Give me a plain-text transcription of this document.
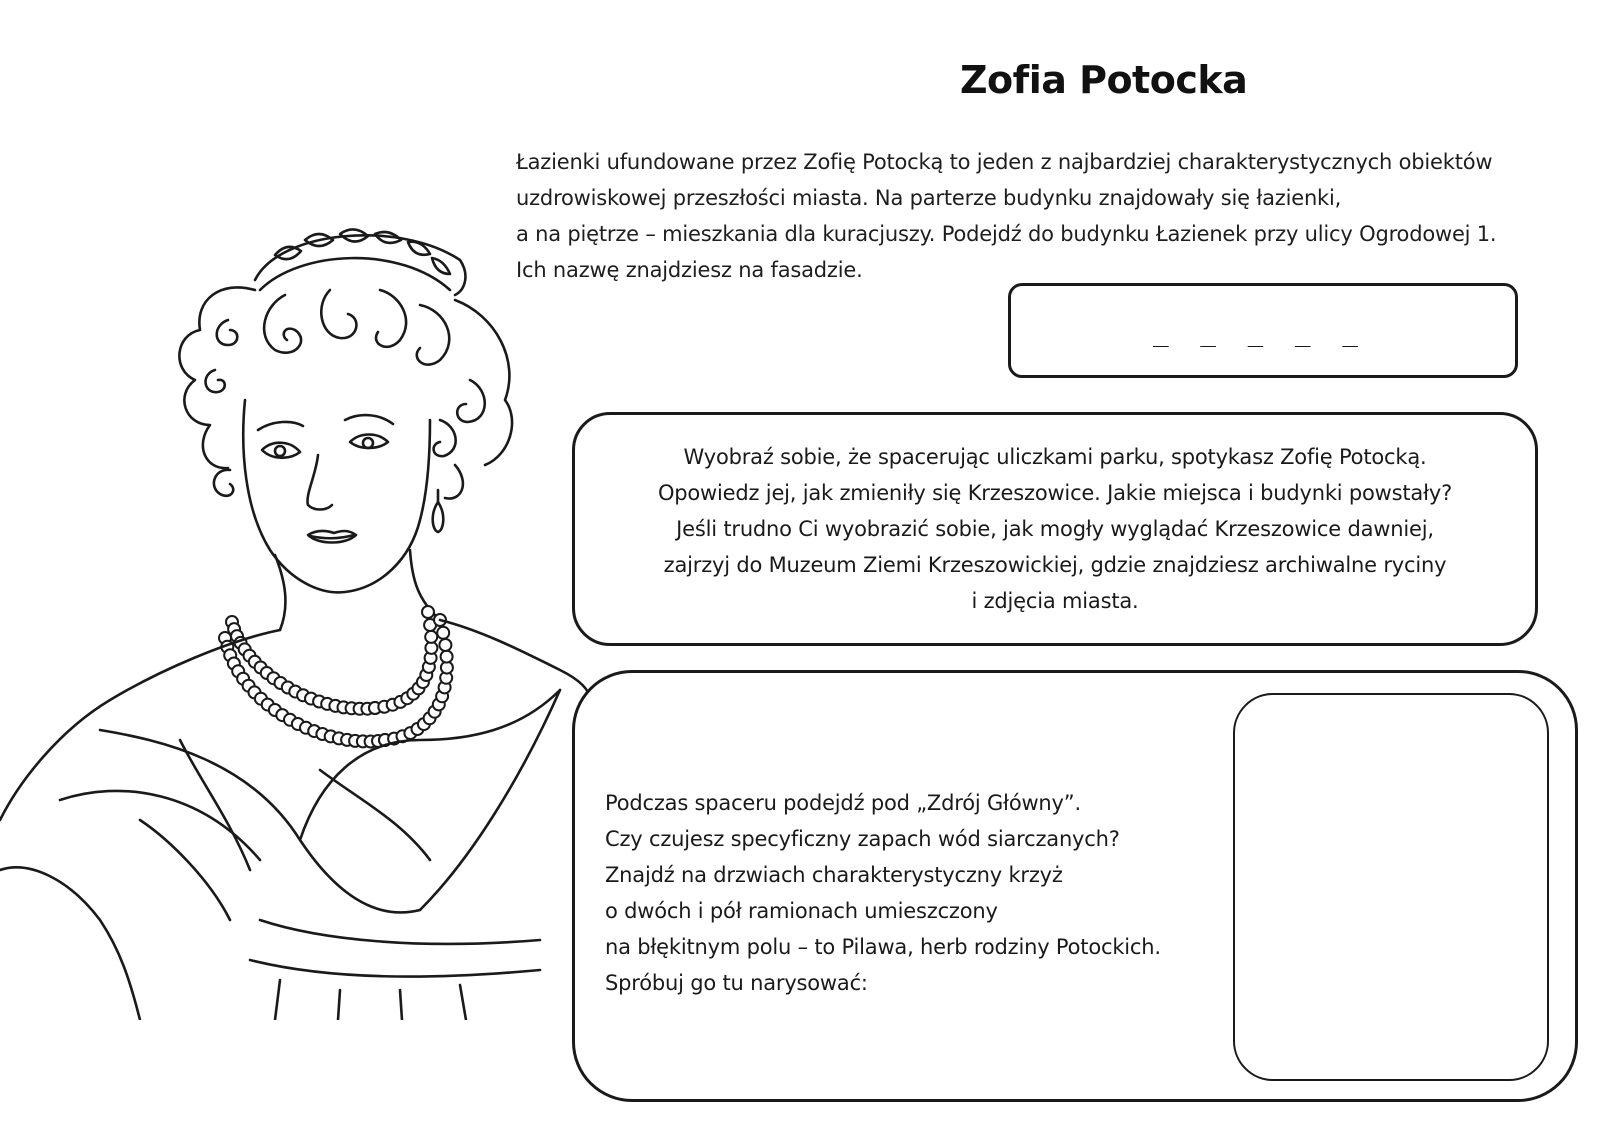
Zofia Potocka

Łazienki ufundowane przez Zofię Potocką to jeden z najbardziej charakterystycznych obiektów

uzdrowiskowej przeszłości miasta. Na parterze budynku znajdowały się łazienki,

a na piętrze – mieszkania dla kuracjuszy. Podejdź do budynku Łazienek przy ulicy Ogrodowej 1.

Ich nazwę znajdziesz na fasadzie.

_ _ _ _ _

Wyobraź sobie, że spacerując uliczkami parku, spotykasz Zofię Potocką.

Opowiedz jej, jak zmieniły się Krzeszowice. Jakie miejsca i budynki powstały?

Jeśli trudno Ci wyobrazić sobie, jak mogły wyglądać Krzeszowice dawniej,

zajrzyj do Muzeum Ziemi Krzeszowickiej, gdzie znajdziesz archiwalne ryciny

i zdjęcia miasta.

Podczas spaceru podejdź pod „Zdrój Główny”.

Czy czujesz specyficzny zapach wód siarczanych?

Znajdź na drzwiach charakterystyczny krzyż

o dwóch i pół ramionach umieszczony

na błękitnym polu – to Pilawa, herb rodziny Potockich.

Spróbuj go tu narysować:
